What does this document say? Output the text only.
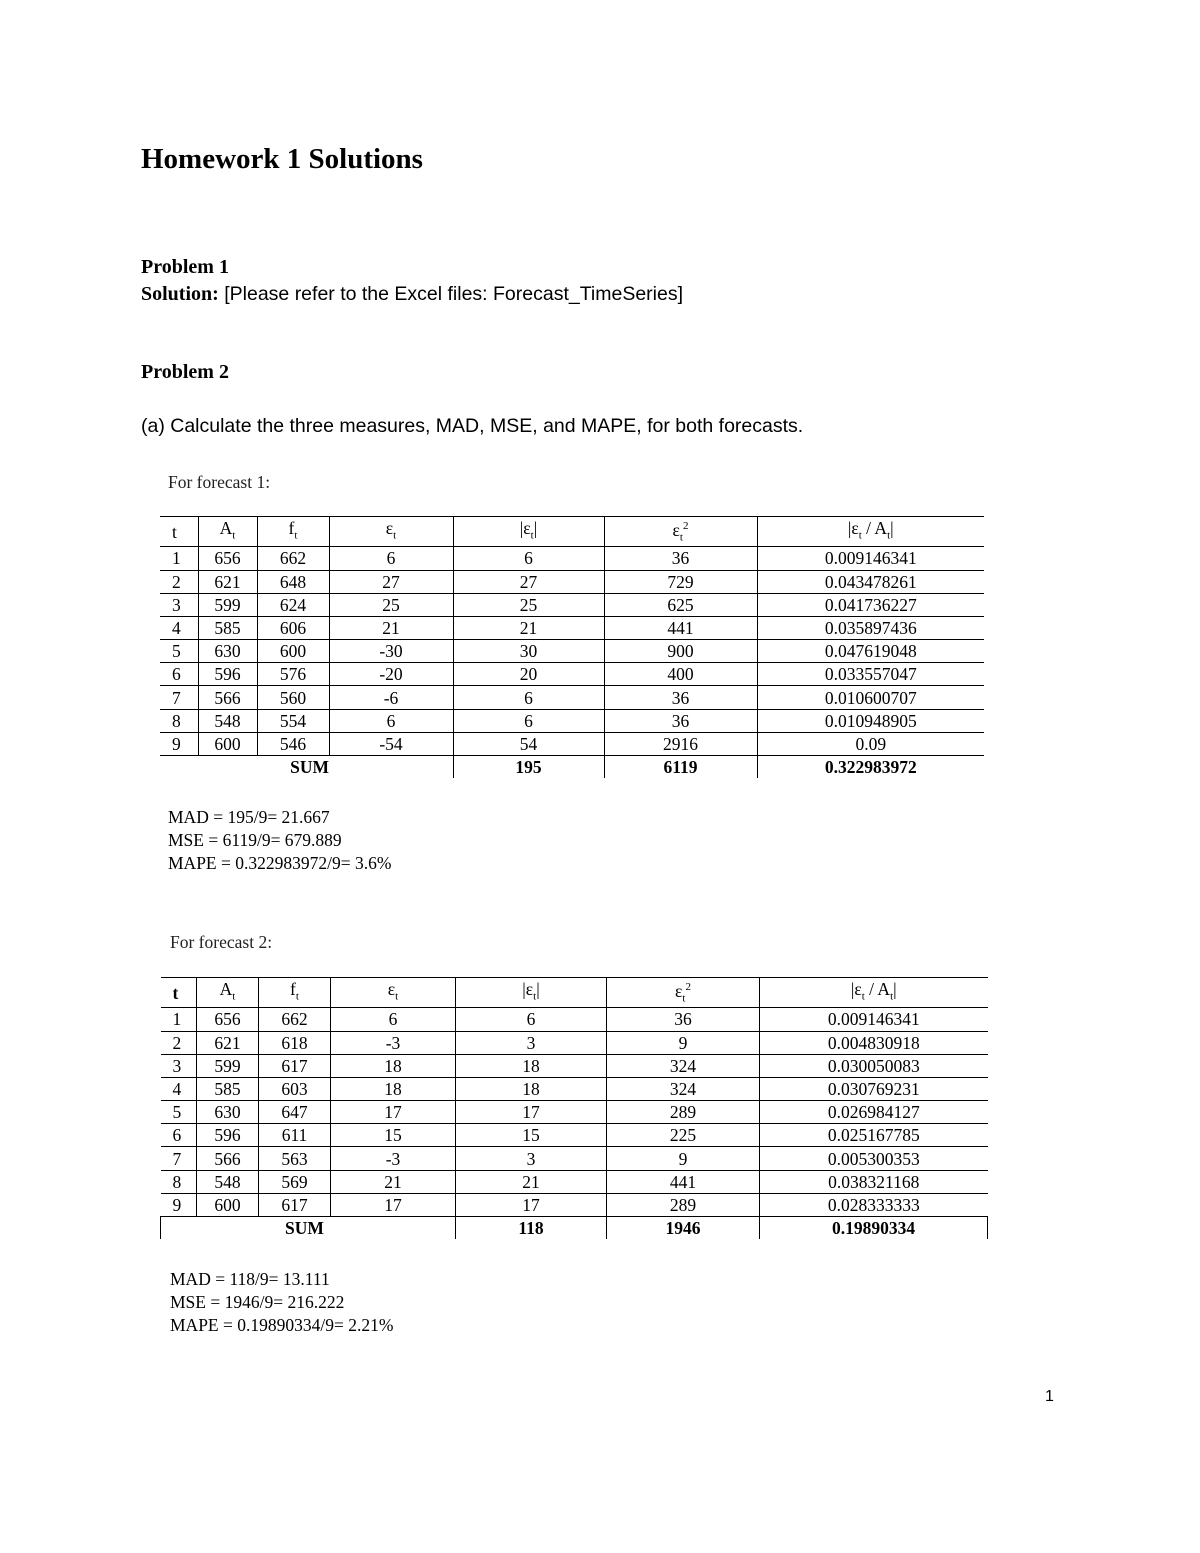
Homework 1 Solutions
Problem 1
Solution: [Please refer to the Excel files: Forecast_TimeSeries]
Problem 2
(a) Calculate the three measures, MAD, MSE, and MAPE, for both forecasts.
For forecast 1:
t	$A_t$	$f_t$	$\varepsilon_t$	$|\varepsilon_t|$	$\varepsilon_t^2$	$|\varepsilon_t / A_t|$
1	656	662	6	6	36	0.009146341
2	621	648	27	27	729	0.043478261
3	599	624	25	25	625	0.041736227
4	585	606	21	21	441	0.035897436
5	630	600	-30	30	900	0.047619048
6	596	576	-20	20	400	0.033557047
7	566	560	-6	6	36	0.010600707
8	548	554	6	6	36	0.010948905
9	600	546	-54	54	2916	0.09
SUM				195	6119	0.322983972
MAD = 195/9= 21.667
MSE = 6119/9= 679.889
MAPE = 0.322983972/9= 3.6%
For forecast 2:
t	$A_t$	$f_t$	$\varepsilon_t$	$|\varepsilon_t|$	$\varepsilon_t^2$	$|\varepsilon_t / A_t|$
1	656	662	6	6	36	0.009146341
2	621	618	-3	3	9	0.004830918
3	599	617	18	18	324	0.030050083
4	585	603	18	18	324	0.030769231
5	630	647	17	17	289	0.026984127
6	596	611	15	15	225	0.025167785
7	566	563	-3	3	9	0.005300353
8	548	569	21	21	441	0.038321168
9	600	617	17	17	289	0.028333333
SUM				118	1946	0.19890334
MAD = 118/9= 13.111
MSE = 1946/9= 216.222
MAPE = 0.19890334/9= 2.21%
1
